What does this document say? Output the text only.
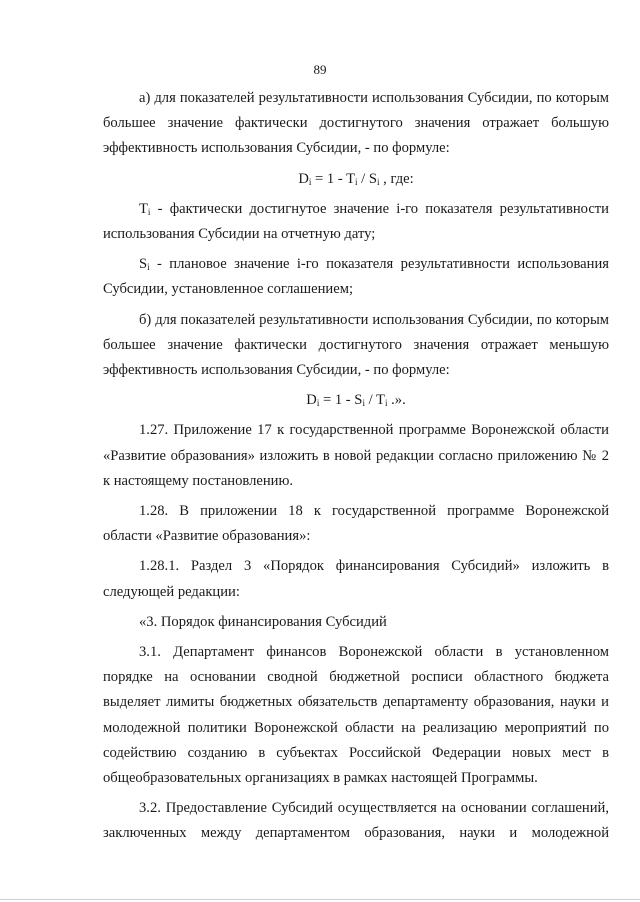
89

а) для показателей результативности использования Субсидии, по которым большее значение фактически достигнутого значения отражает большую эффективность использования Субсидии, - по формуле:

$D_i = 1 - T_i / S_i$ , где:

$T_i$ - фактически достигнутое значение i-го показателя результативности использования Субсидии на отчетную дату;

$S_i$ - плановое значение i-го показателя результативности использования Субсидии, установленное соглашением;

б) для показателей результативности использования Субсидии, по которым большее значение фактически достигнутого значения отражает меньшую эффективность использования Субсидии, - по формуле:

$D_i = 1 - S_i / T_i$ .».

1.27. Приложение 17 к государственной программе Воронежской области «Развитие образования» изложить в новой редакции согласно приложению № 2 к настоящему постановлению.

1.28. В приложении 18 к государственной программе Воронежской области «Развитие образования»:

1.28.1. Раздел 3 «Порядок финансирования Субсидий» изложить в следующей редакции:

«3. Порядок финансирования Субсидий

3.1. Департамент финансов Воронежской области в установленном порядке на основании сводной бюджетной росписи областного бюджета выделяет лимиты бюджетных обязательств департаменту образования, науки и молодежной политики Воронежской области на реализацию мероприятий по содействию созданию в субъектах Российской Федерации новых мест в общеобразовательных организациях в рамках настоящей Программы.

3.2. Предоставление Субсидий осуществляется на основании соглашений, заключенных между департаментом образования, науки и молодежной
